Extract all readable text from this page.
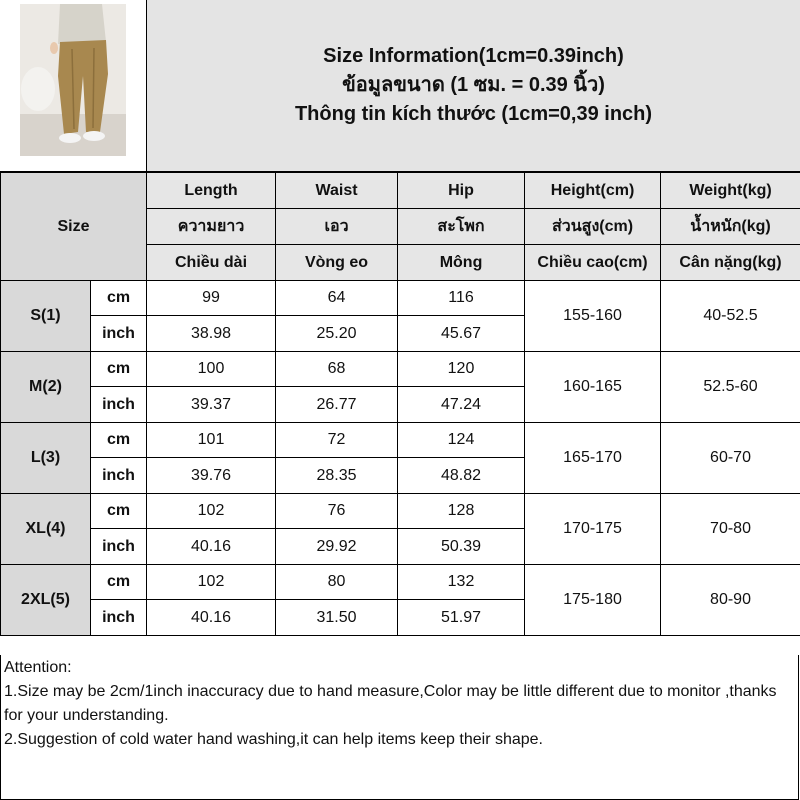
Size Information(1cm=0.39inch)
ข้อมูลขนาด (1 ซม. = 0.39 นิ้ว)
Thông tin kích thước (1cm=0,39 inch)
Size		Length	Waist	Hip	Height(cm)	Weight(kg)
		ความยาว	เอว	สะโพก	ส่วนสูง(cm)	น้ำหนัก(kg)
		Chiều dài	Vòng eo	Mông	Chiều cao(cm)	Cân nặng(kg)
S(1)	cm	99	64	116	155-160	40-52.5
	inch	38.98	25.20	45.67		
M(2)	cm	100	68	120	160-165	52.5-60
	inch	39.37	26.77	47.24		
L(3)	cm	101	72	124	165-170	60-70
	inch	39.76	28.35	48.82		
XL(4)	cm	102	76	128	170-175	70-80
	inch	40.16	29.92	50.39		
2XL(5)	cm	102	80	132	175-180	80-90
	inch	40.16	31.50	51.97		
Attention:
1.Size may be 2cm/1inch inaccuracy due to hand measure,Color may be little different due to monitor ,thanks for your understanding.
2.Suggestion of cold water hand washing,it can help items keep their shape.
